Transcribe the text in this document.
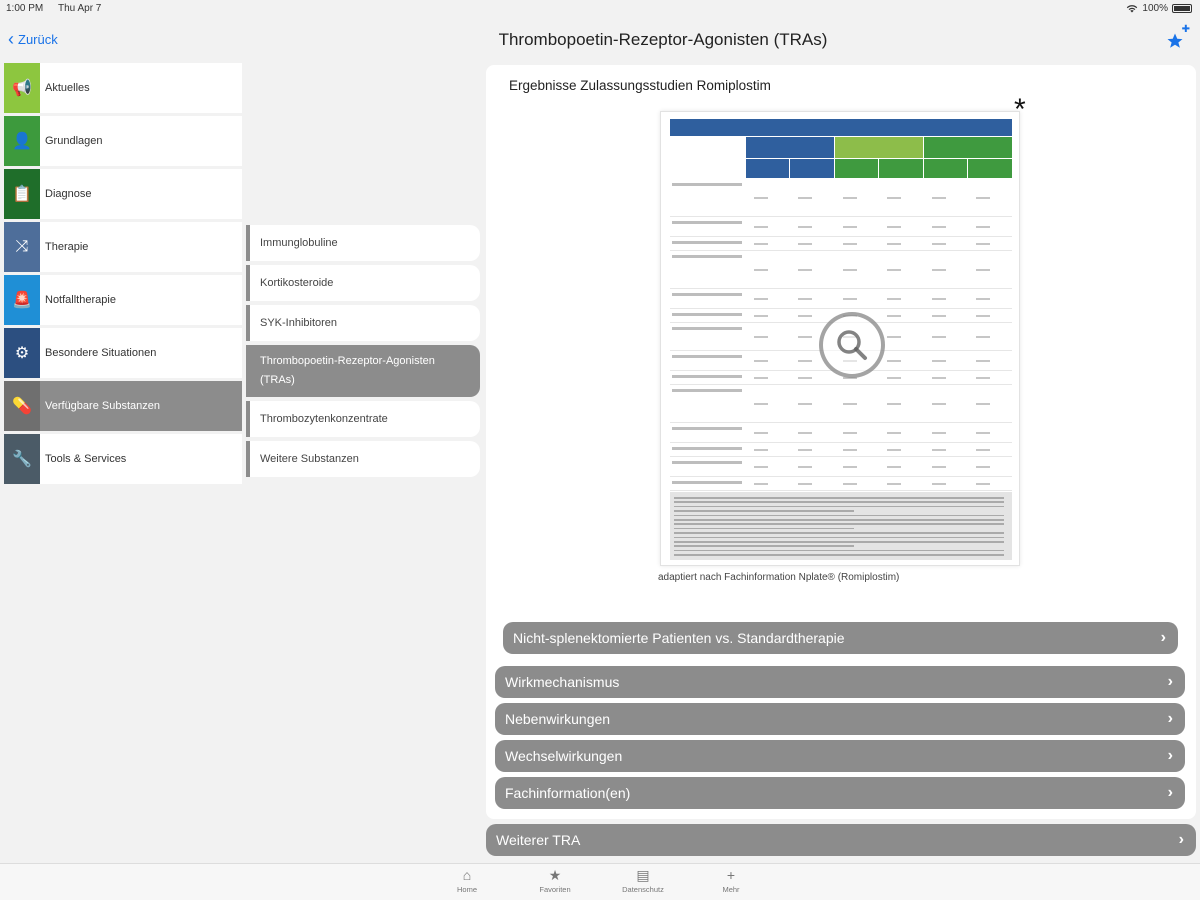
1:00 PM Thu Apr 7	100%
‹ Zurück	Thrombopoetin-Rezeptor-Agonisten (TRAs)
✚
📢	Aktuelles
👤	Grundlagen
📋	Diagnose
⤨	Therapie
🚨	Notfalltherapie
⚙	Besondere Situationen
💊	Verfügbare Substanzen
🔧	Tools & Services
Immunglobuline
Kortikosteroide
SYK-Inhibitoren
Thrombopoetin-Rezeptor-Agonisten (TRAs)
Thrombozytenkonzentrate
Weitere Substanzen
Ergebnisse Zulassungsstudien Romiplostim
*
adaptiert nach Fachinformation Nplate® (Romiplostim)
Nicht-splenektomierte Patienten vs. Standardtherapie	›
Wirkmechanismus	›
Nebenwirkungen	›
Wechselwirkungen	›
Fachinformation(en)	›
Weiterer TRA	›
⌂
Home
★
Favoriten
▤
Datenschutz
+
Mehr
